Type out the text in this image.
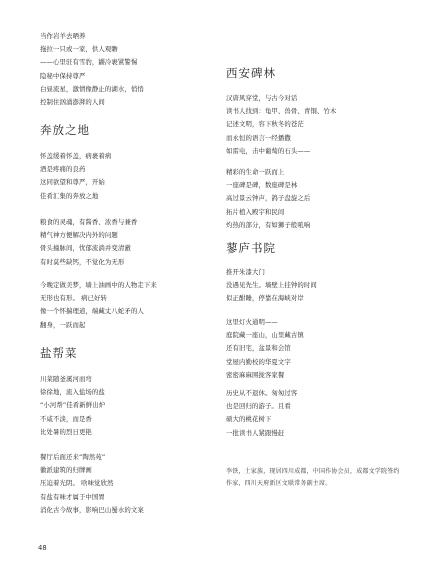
当作岩羊去晒养
拖拉一只或一家，供人观瞻
——心里驻有雪豹，鼹冷裹紧警惕
隐秘中保持尊严
白昼流星，激情像静止的湖水，悄悄
控制住汹涌澎湃的人间
奔放之地
怀盖缓着怀盖，病裹着病
酒是疼痛的良药
这同欲望和尊严，开始
佳肴汇集的奔放之地
粮食的灵魂，有酱香、浓香与兼香
精气神方便解决内外的问题
骨头撞脉间，忧郁流淌并变清澈
有时莫些缺钙，不觉化为无形
今晚定做美梦，墙上油画中的人物走下来
无形也有形。 病已好转
像一个怀揣理道，端藏丈八蛇矛的人
翻身，一跃而起
盐帮菜
川菜随釜溪河而弯
徐徐地，流入盐场的盐
“小河帮”佳肴新鲜出炉
不咸不淡，而是香
比处暑的烈日更艳
餐厅后面还来“陶然苑”
徽派建筑的归牌画
压迫着光阴。 啥味觉欣然
有盐有味才属于中国胃
消化古今故事，影响巴山蜀水的文案
西安碑林
汉唐风穿堂，与古今对话
读书人找到：龟甲、兽骨、青铜、竹木
记述文明，容下秋冬的苍茫
而永恒的语言一经播撒
如雷电，击中葡萄的石头——
精彩的生命一跃而上
一座碑是碑，数座碑是林
高过景云钟声，鸽子盘旋之后
拓片植入殿宇和民间
灼热的部分，有如狮子般吼响
蓼庐书院
推开朱漆大门
没遇见先生。墙壁上挂钟的时间
似正酣睡，停靠在海峡对岸
这里灯火通明——
庭院藏一座山，山里藏古镇
还有旧宅，盆景和会馆
堂屋内勤校的华夏文字
密密麻麻围拢客家餐
历史从不退休。匆匆过客
也是回归的游子。且看
硕大的桃花树下
一批读书人紧跟慢赶
李铁，土家族，现居四川成都，中国作协会员，成都文学院签约作家，四川天府新区文联常务副主席。
48
